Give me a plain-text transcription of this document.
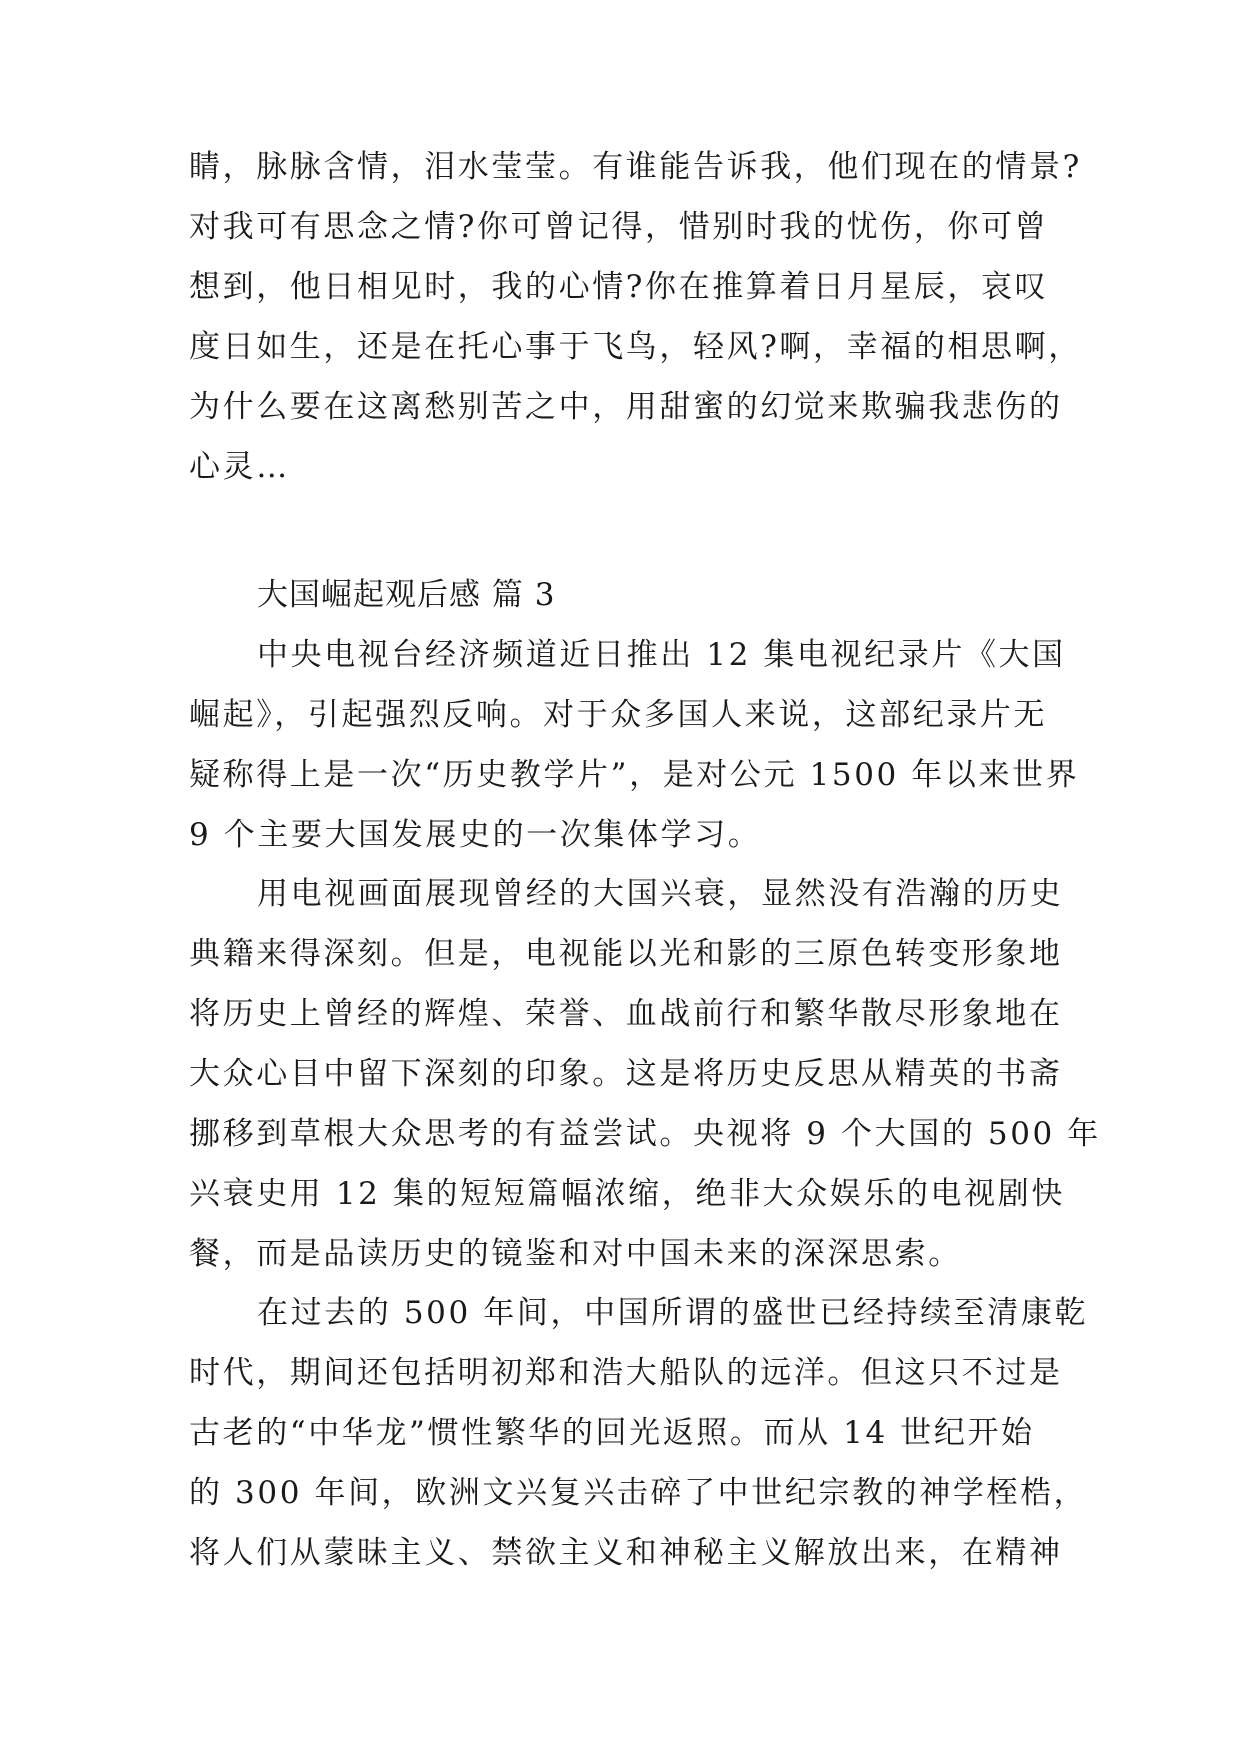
睛，脉脉含情，泪水莹莹。有谁能告诉我，他们现在的情景?
对我可有思念之情?你可曾记得，惜别时我的忧伤，你可曾
想到，他日相见时，我的心情?你在推算着日月星辰，哀叹
度日如生，还是在托心事于飞鸟，轻风?啊，幸福的相思啊，
为什么要在这离愁别苦之中，用甜蜜的幻觉来欺骗我悲伤的
心灵…
大国崛起观后感 篇 3
中央电视台经济频道近日推出 12 集电视纪录片《大国
崛起》，引起强烈反响。对于众多国人来说，这部纪录片无
疑称得上是一次“历史教学片”，是对公元 1500 年以来世界
9 个主要大国发展史的一次集体学习。
用电视画面展现曾经的大国兴衰，显然没有浩瀚的历史
典籍来得深刻。但是，电视能以光和影的三原色转变形象地
将历史上曾经的辉煌、荣誉、血战前行和繁华散尽形象地在
大众心目中留下深刻的印象。这是将历史反思从精英的书斋
挪移到草根大众思考的有益尝试。央视将 9 个大国的 500 年
兴衰史用 12 集的短短篇幅浓缩，绝非大众娱乐的电视剧快
餐，而是品读历史的镜鉴和对中国未来的深深思索。
在过去的 500 年间，中国所谓的盛世已经持续至清康乾
时代，期间还包括明初郑和浩大船队的远洋。但这只不过是
古老的“中华龙”惯性繁华的回光返照。而从 14 世纪开始
的 300 年间，欧洲文兴复兴击碎了中世纪宗教的神学桎梏，
将人们从蒙昧主义、禁欲主义和神秘主义解放出来，在精神
